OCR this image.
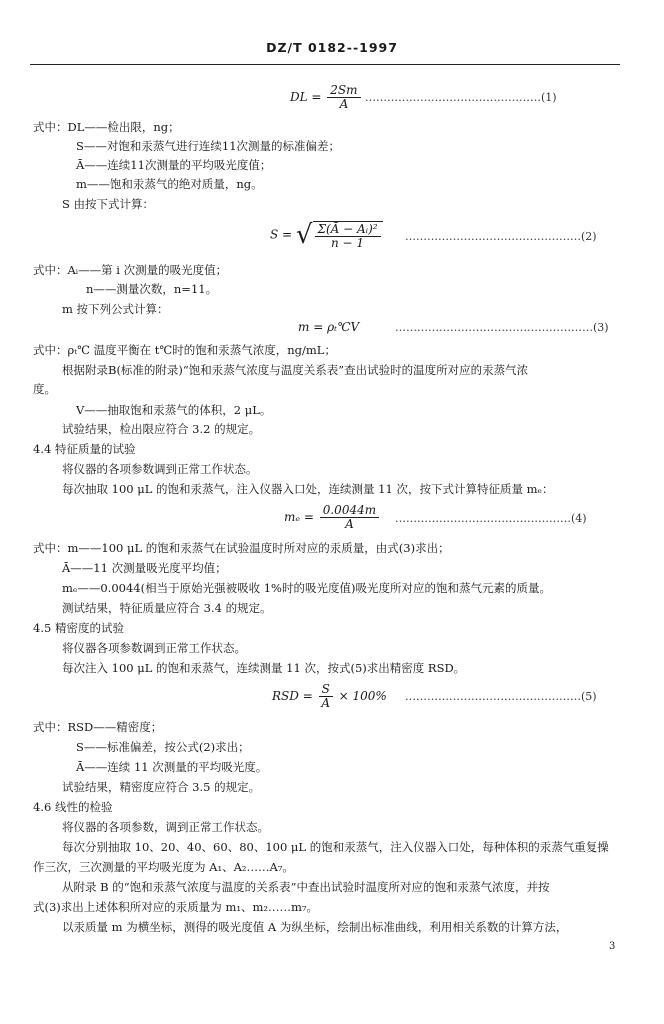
DZ/T 0182--1997
DL = $\frac{2Sm}{A}$ …………………………………………(1)
式中：DL——检出限，ng；
S——对饱和汞蒸气进行连续11次测量的标准偏差；
Ā——连续11次测量的平均吸光度值；
m——饱和汞蒸气的绝对质量，ng。
S 由按下式计算：
S = √ $\frac{\text{Σ(Ā − Aᵢ)²}}{n - 1}$ …………………………………………(2)
式中：Aᵢ——第 i 次测量的吸光度值；
n——测量次数，n=11。
m 按下列公式计算：
m = ρₜ℃V	………………………………………………(3)
式中：ρₜ℃ 温度平衡在 t℃时的饱和汞蒸气浓度，ng/mL；
根据附录B(标准的附录)“饱和汞蒸气浓度与温度关系表”查出试验时的温度所对应的汞蒸气浓
度。
V——抽取饱和汞蒸气的体积，2 μL。
试验结果，检出限应符合 3.2 的规定。
4.4 特征质量的试验
将仪器的各项参数调到正常工作状态。
每次抽取 100 μL 的饱和汞蒸气，注入仪器入口处，连续测量 11 次，按下式计算特征质量 mₑ：
$m_e = \frac{0.0044m}{Ā}$ …………………………………………(4)
式中：m——100 μL 的饱和汞蒸气在试验温度时所对应的汞质量，由式(3)求出；
Ā——11 次测量吸光度平均值；
mₑ——0.0044(相当于原始光强被吸收 1%时的吸光度值)吸光度所对应的饱和蒸气元素的质量。
测试结果，特征质量应符合 3.4 的规定。
4.5 精密度的试验
将仪器各项参数调到正常工作状态。
每次注入 100 μL 的饱和汞蒸气，连续测量 11 次，按式(5)求出精密度 RSD。
RSD = $\frac{S}{Ā} \times 100\%$ …………………………………………(5)
式中：RSD——精密度；
S——标准偏差，按公式(2)求出；
Ā——连续 11 次测量的平均吸光度。
试验结果，精密度应符合 3.5 的规定。
4.6 线性的检验
将仪器的各项参数，调到正常工作状态。
每次分别抽取 10、20、40、60、80、100 μL 的饱和汞蒸气，注入仪器入口处，每种体积的汞蒸气重复操
作三次，三次测量的平均吸光度为 A₁、A₂……A₇。
从附录 B 的“饱和汞蒸气浓度与温度的关系表”中查出试验时温度所对应的饱和汞蒸气浓度，并按
式(3)求出上述体积所对应的汞质量为 m₁、m₂……m₇。
以汞质量 m 为横坐标，测得的吸光度值 A 为纵坐标，绘制出标准曲线，利用相关系数的计算方法，
3
